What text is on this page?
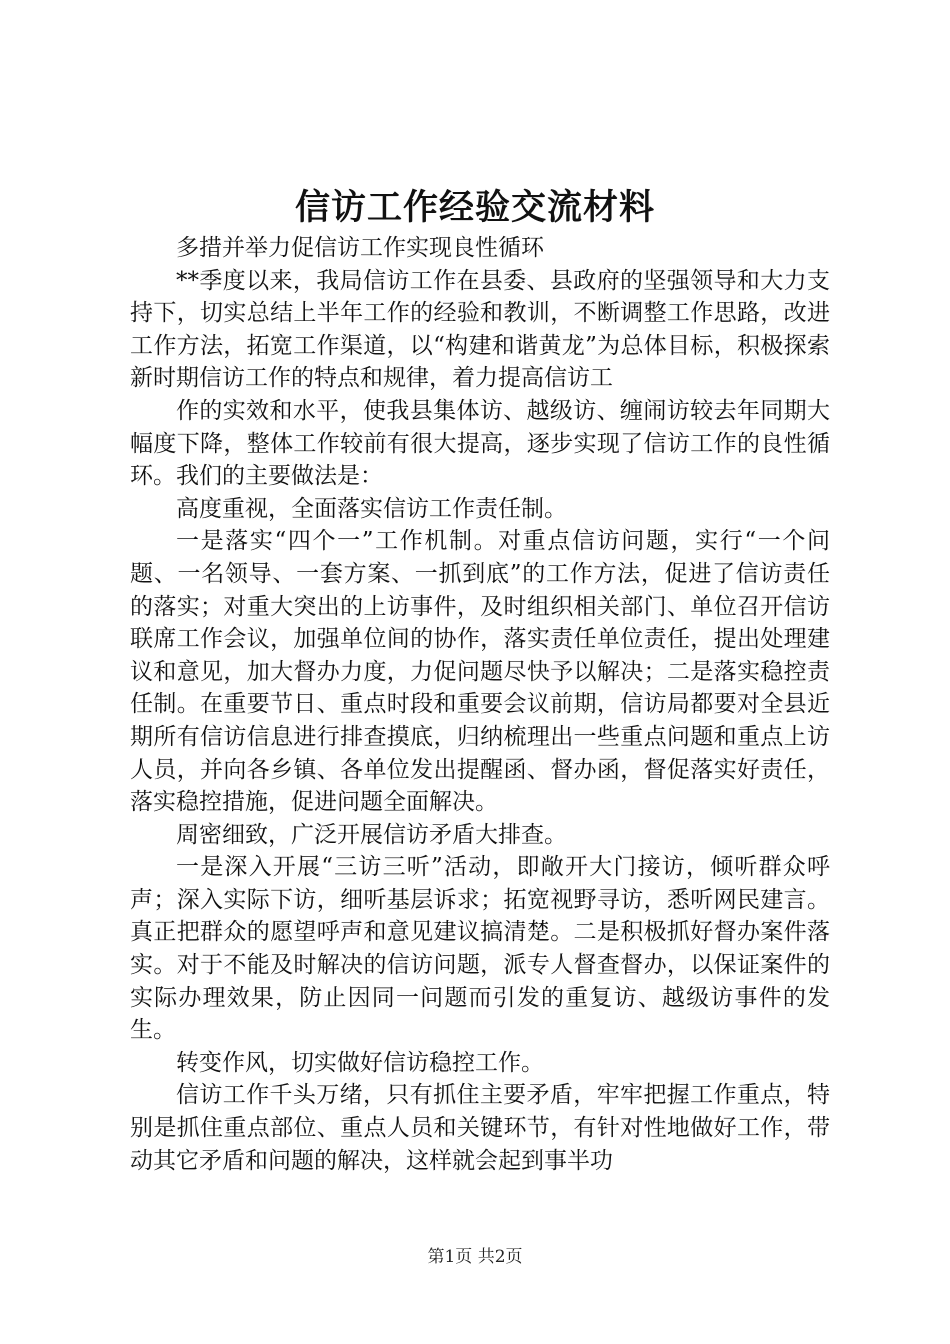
信访工作经验交流材料

多措并举力促信访工作实现良性循环

**季度以来，我局信访工作在县委、县政府的坚强领导和大力支持下，切实总结上半年工作的经验和教训，不断调整工作思路，改进工作方法，拓宽工作渠道，以“构建和谐黄龙”为总体目标，积极探索新时期信访工作的特点和规律，着力提高信访工

作的实效和水平，使我县集体访、越级访、缠闹访较去年同期大幅度下降，整体工作较前有很大提高，逐步实现了信访工作的良性循环。我们的主要做法是：

高度重视，全面落实信访工作责任制。

一是落实“四个一”工作机制。对重点信访问题，实行“一个问题、一名领导、一套方案、一抓到底”的工作方法，促进了信访责任的落实；对重大突出的上访事件，及时组织相关部门、单位召开信访联席工作会议，加强单位间的协作，落实责任单位责任，提出处理建议和意见，加大督办力度，力促问题尽快予以解决；二是落实稳控责任制。在重要节日、重点时段和重要会议前期，信访局都要对全县近期所有信访信息进行排查摸底，归纳梳理出一些重点问题和重点上访人员，并向各乡镇、各单位发出提醒函、督办函，督促落实好责任，落实稳控措施，促进问题全面解决。

周密细致，广泛开展信访矛盾大排查。

一是深入开展“三访三听”活动，即敞开大门接访，倾听群众呼声；深入实际下访，细听基层诉求；拓宽视野寻访，悉听网民建言。真正把群众的愿望呼声和意见建议搞清楚。二是积极抓好督办案件落实。对于不能及时解决的信访问题，派专人督查督办，以保证案件的实际办理效果，防止因同一问题而引发的重复访、越级访事件的发生。

转变作风，切实做好信访稳控工作。

信访工作千头万绪，只有抓住主要矛盾，牢牢把握工作重点，特别是抓住重点部位、重点人员和关键环节，有针对性地做好工作，带动其它矛盾和问题的解决，这样就会起到事半功

第1页 共2页
